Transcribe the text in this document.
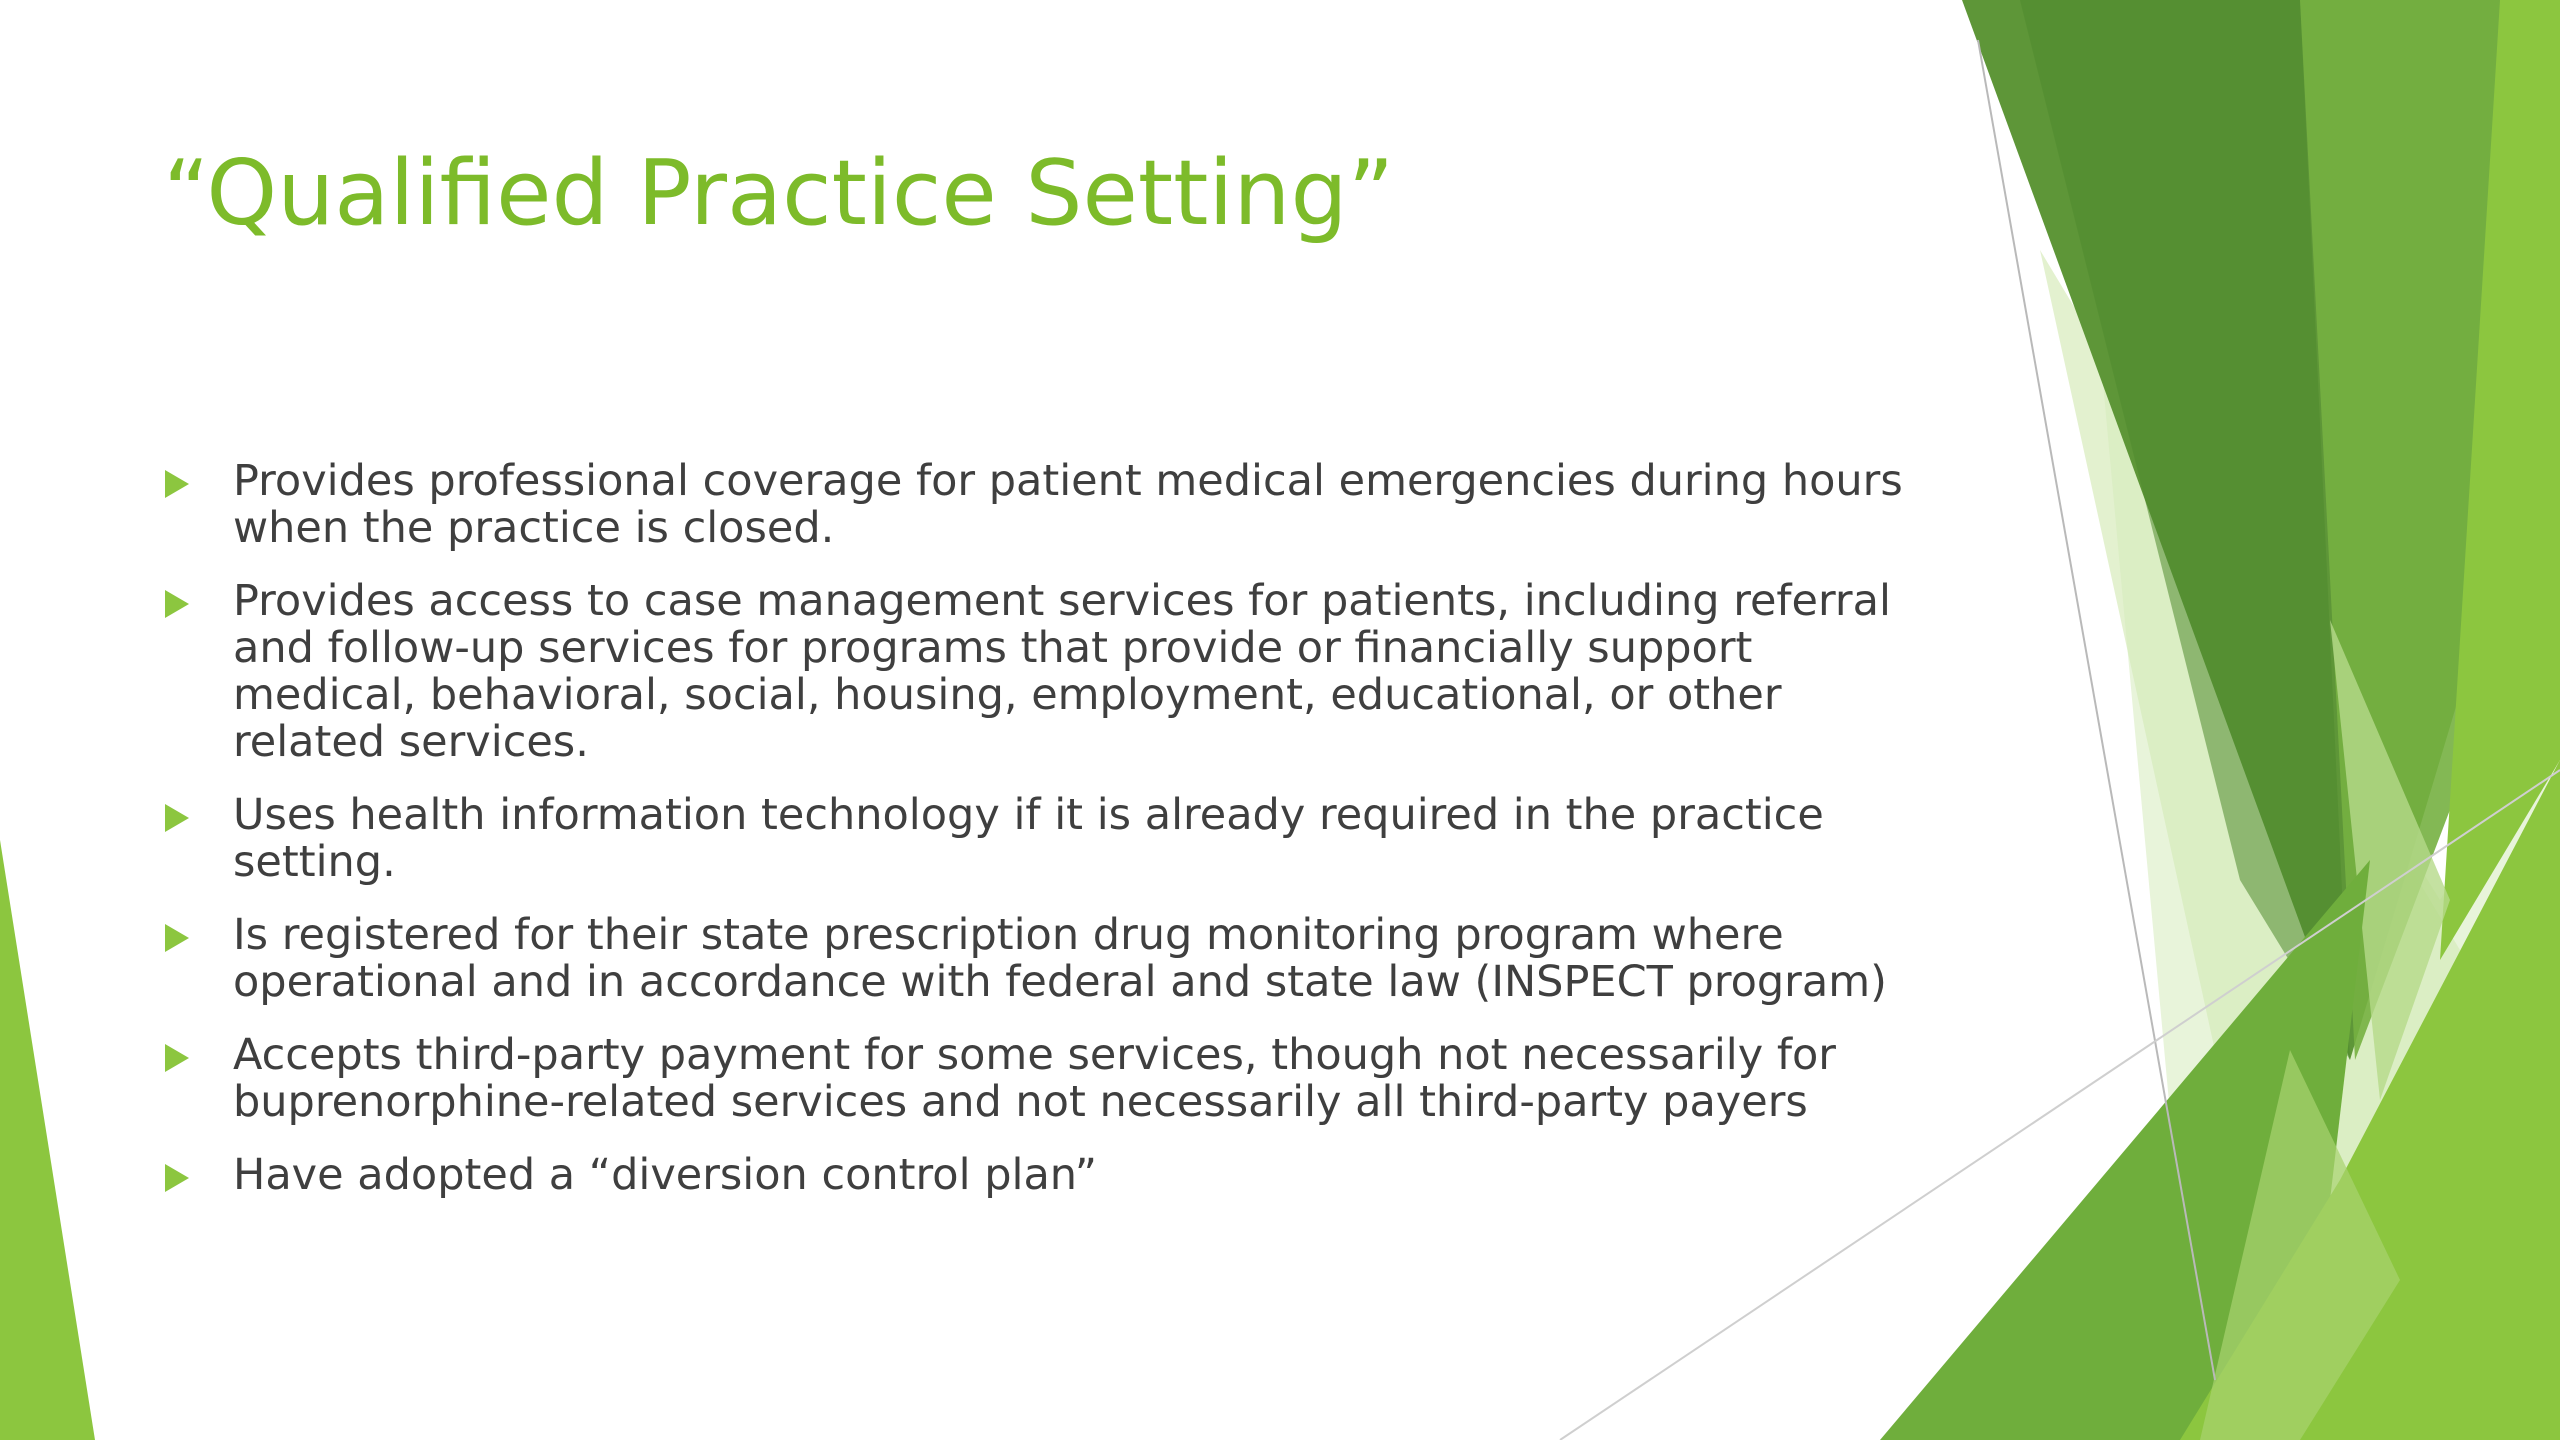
“Qualified Practice Setting”
Provides professional coverage for patient medical emergencies during hours when the practice is closed.
Provides access to case management services for patients, including referral and follow-up services for programs that provide or financially support medical, behavioral, social, housing, employment, educational, or other related services.
Uses health information technology if it is already required in the practice setting.
Is registered for their state prescription drug monitoring program where operational and in accordance with federal and state law (INSPECT program)
Accepts third-party payment for some services, though not necessarily for buprenorphine-related services and not necessarily all third-party payers
Have adopted a “diversion control plan”
